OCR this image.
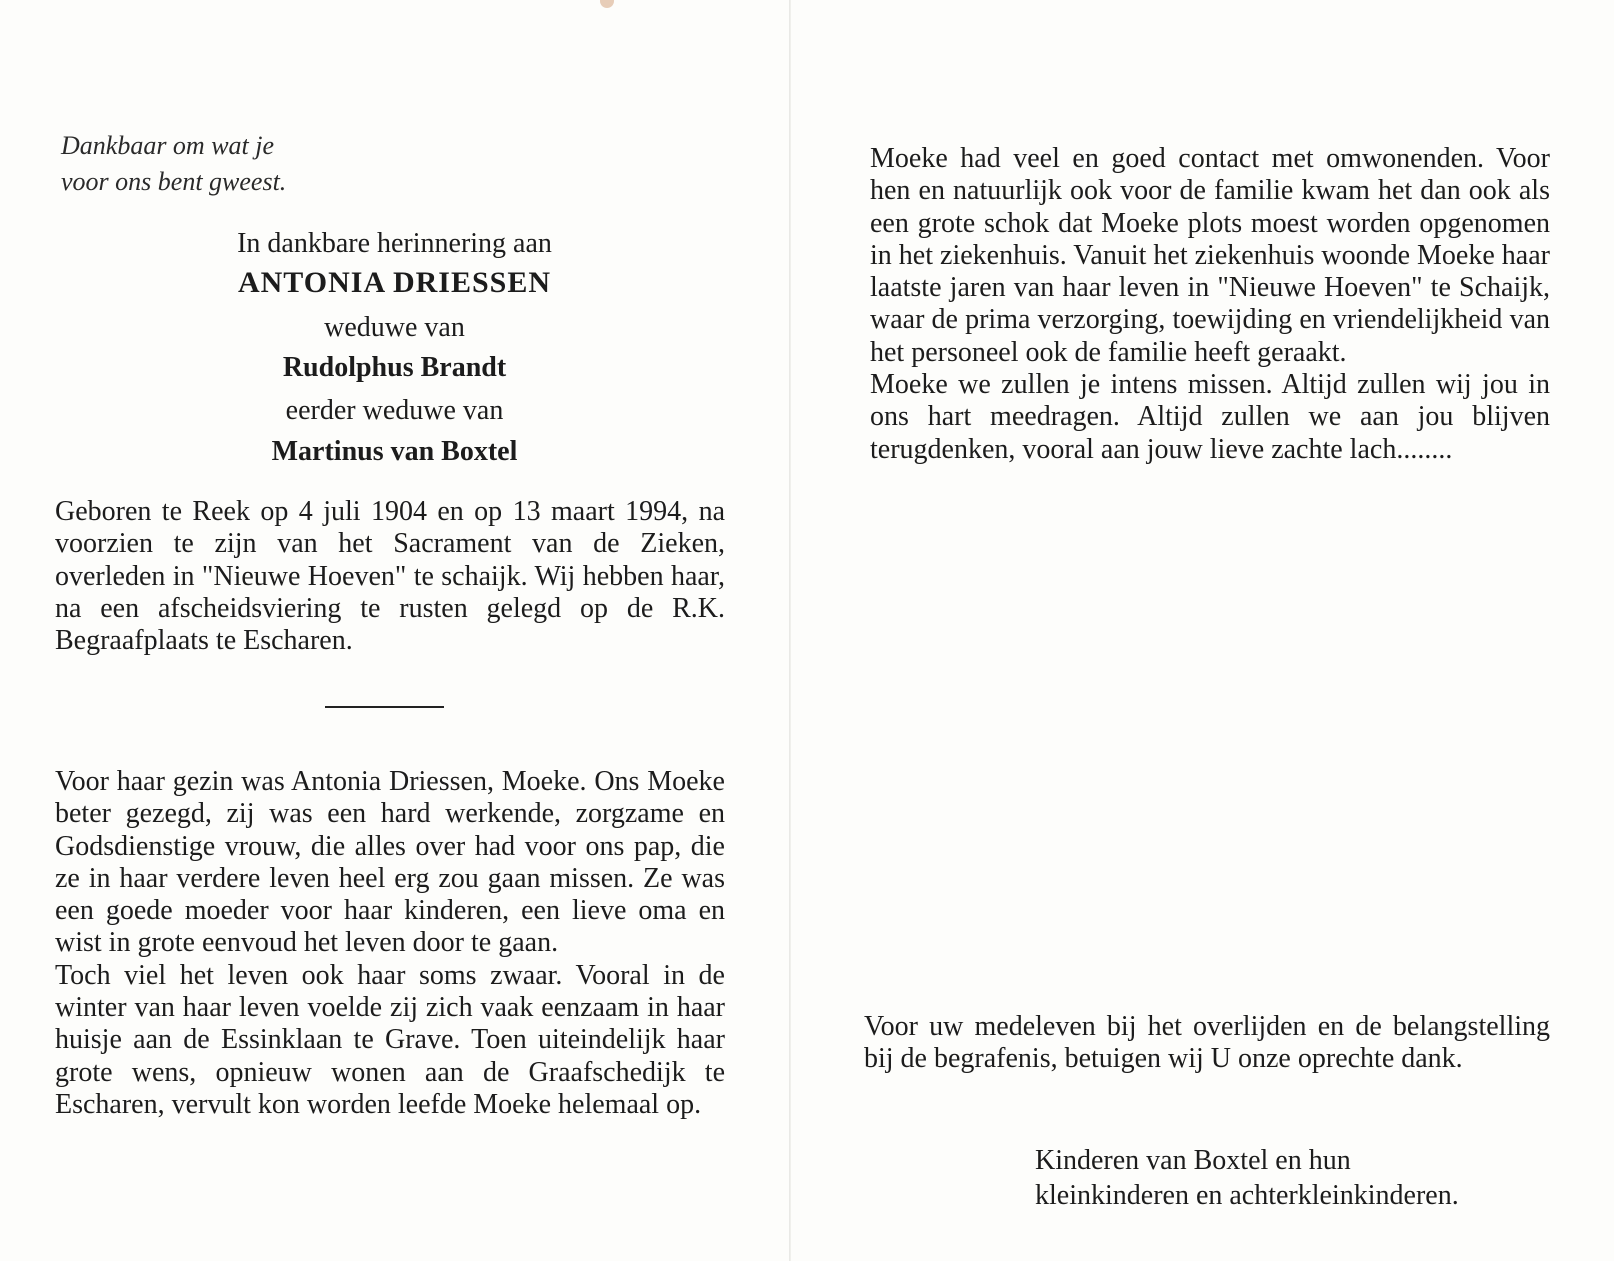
Dankbaar om wat je
voor ons bent gweest.
In dankbare herinnering aan
ANTONIA DRIESSEN
weduwe van
Rudolphus Brandt
eerder weduwe van
Martinus van Boxtel
Geboren te Reek op 4 juli 1904 en op 13 maart 1994, na voorzien te zijn van het Sacrament van de Zieken, overleden in "Nieuwe Hoeven" te schaijk. Wij hebben haar, na een afscheidsviering te rusten gelegd op de R.K. Begraafplaats te Escharen.
Voor haar gezin was Antonia Driessen, Moeke. Ons Moeke beter gezegd, zij was een hard werkende, zorgzame en Godsdienstige vrouw, die alles over had voor ons pap, die ze in haar verdere leven heel erg zou gaan missen. Ze was een goede moeder voor haar kinderen, een lieve oma en wist in grote eenvoud het leven door te gaan.
Toch viel het leven ook haar soms zwaar. Vooral in de winter van haar leven voelde zij zich vaak eenzaam in haar huisje aan de Essinklaan te Grave. Toen uiteindelijk haar grote wens, opnieuw wonen aan de Graafschedijk te Escharen, vervult kon worden leefde Moeke helemaal op.
Moeke had veel en goed contact met omwonenden. Voor hen en natuurlijk ook voor de familie kwam het dan ook als een grote schok dat Moeke plots moest worden opgenomen in het ziekenhuis. Vanuit het ziekenhuis woonde Moeke haar laatste jaren van haar leven in "Nieuwe Hoeven" te Schaijk, waar de prima verzorging, toewijding en vriendelijkheid van het personeel ook de familie heeft geraakt.
Moeke we zullen je intens missen. Altijd zullen wij jou in ons hart meedragen. Altijd zullen we aan jou blijven terugdenken, vooral aan jouw lieve zachte lach........
Voor uw medeleven bij het overlijden en de belangstelling bij de begrafenis, betuigen wij U onze oprechte dank.
Kinderen van Boxtel en hun
kleinkinderen en achterkleinkinderen.
